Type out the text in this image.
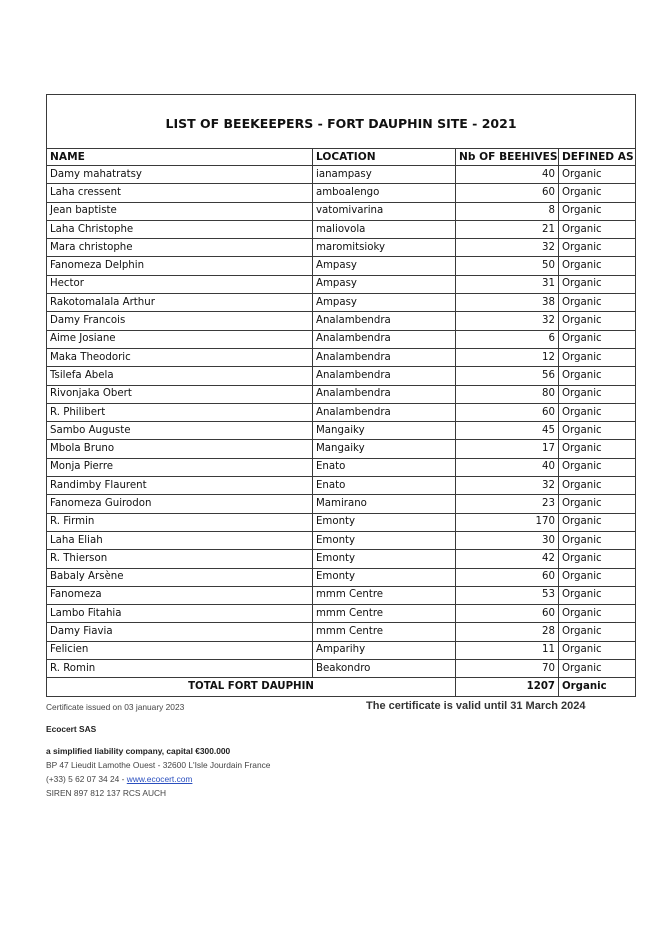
LIST OF BEEKEEPERS - FORT DAUPHIN SITE - 2021			
NAME	LOCATION	Nb OF BEEHIVES	DEFINED AS
Damy mahatratsy	ianampasy	40	Organic
Laha cressent	amboalengo	60	Organic
Jean baptiste	vatomivarina	8	Organic
Laha Christophe	maliovola	21	Organic
Mara christophe	maromitsioky	32	Organic
Fanomeza Delphin	Ampasy	50	Organic
Hector	Ampasy	31	Organic
Rakotomalala Arthur	Ampasy	38	Organic
Damy Francois	Analambendra	32	Organic
Aime Josiane	Analambendra	6	Organic
Maka Theodoric	Analambendra	12	Organic
Tsilefa Abela	Analambendra	56	Organic
Rivonjaka Obert	Analambendra	80	Organic
R. Philibert	Analambendra	60	Organic
Sambo Auguste	Mangaiky	45	Organic
Mbola Bruno	Mangaiky	17	Organic
Monja Pierre	Enato	40	Organic
Randimby Flaurent	Enato	32	Organic
Fanomeza Guirodon	Mamirano	23	Organic
R. Firmin	Emonty	170	Organic
Laha Eliah	Emonty	30	Organic
R. Thierson	Emonty	42	Organic
Babaly Arsène	Emonty	60	Organic
Fanomeza	mmm Centre	53	Organic
Lambo Fitahia	mmm Centre	60	Organic
Damy Fiavia	mmm Centre	28	Organic
Felicien	Amparihy	11	Organic
R. Romin	Beakondro	70	Organic
TOTAL FORT DAUPHIN		1207	Organic
Certificate issued on 03 january 2023
Ecocert SAS
a simplified liability company, capital €300.000
BP 47 Lieudit Lamothe Ouest - 32600 L'Isle Jourdain France
(+33) 5 62 07 34 24 - www.ecocert.com
SIREN 897 812 137 RCS AUCH
The certificate is valid until 31 March 2024
